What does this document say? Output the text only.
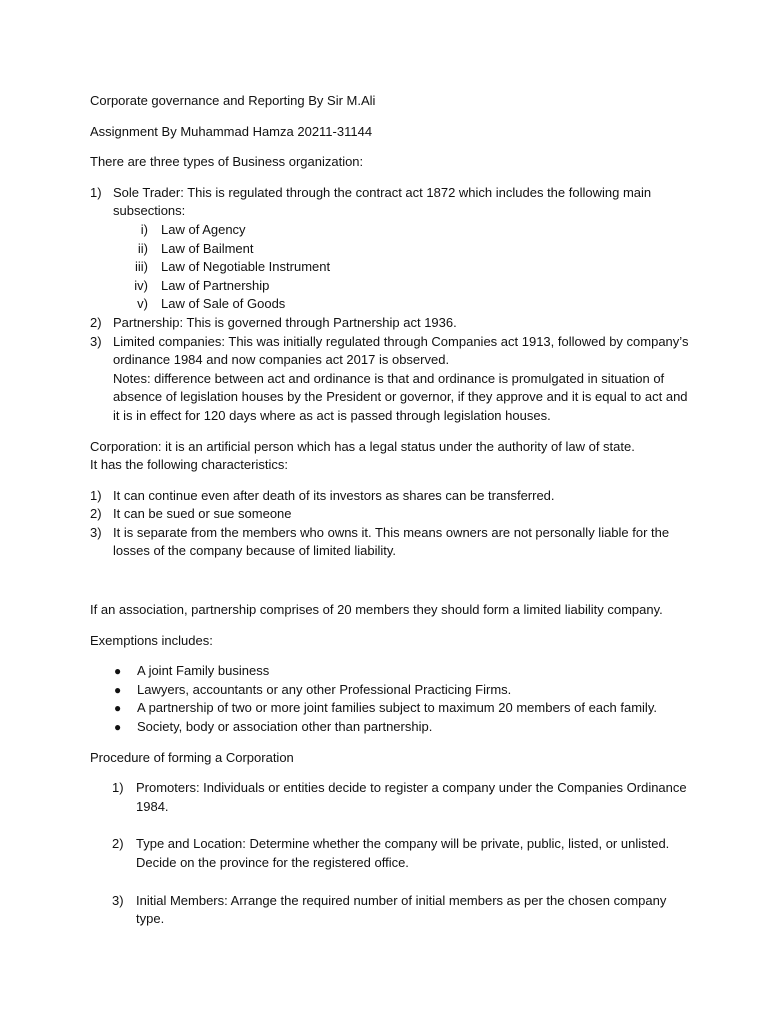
Corporate governance and Reporting By Sir M.Ali

Assignment By Muhammad Hamza 20211-31144

There are three types of Business organization:

1) Sole Trader: This is regulated through the contract act 1872 which includes the following main

subsections:

i)	Law of Agency
ii)	Law of Bailment
iii)	Law of Negotiable Instrument
iv)	Law of Partnership
v)	Law of Sale of Goods
2) Partnership: This is governed through Partnership act 1936.

3) Limited companies: This was initially regulated through Companies act 1913, followed by company’s

ordinance 1984 and now companies act 2017 is observed.

Notes: difference between act and ordinance is that and ordinance is promulgated in situation of

absence of legislation houses by the President or governor, if they approve and it is equal to act and

it is in effect for 120 days where as act is passed through legislation houses.

Corporation: it is an artificial person which has a legal status under the authority of law of state.

It has the following characteristics:

1) It can continue even after death of its investors as shares can be transferred.

2) It can be sued or sue someone

3) It is separate from the members who owns it. This means owners are not personally liable for the

losses of the company because of limited liability.

If an association, partnership comprises of 20 members they should form a limited liability company.

Exemptions includes:

●	A joint Family business
●	Lawyers, accountants or any other Professional Practicing Firms.
●	A partnership of two or more joint families subject to maximum 20 members of each family.
●	Society, body or association other than partnership.

Procedure of forming a Corporation

1) Promoters: Individuals or entities decide to register a company under the Companies Ordinance

1984.

2) Type and Location: Determine whether the company will be private, public, listed, or unlisted.

Decide on the province for the registered office.

3) Initial Members: Arrange the required number of initial members as per the chosen company

type.
